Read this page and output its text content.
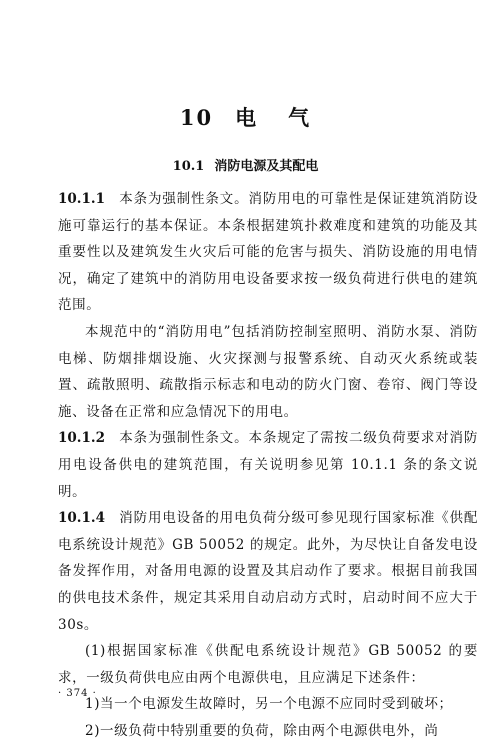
10 电 气
10.1 消防电源及其配电

10.1.1 本条为强制性条文。消防用电的可靠性是保证建筑消防设施可靠运行的基本保证。本条根据建筑扑救难度和建筑的功能及其重要性以及建筑发生火灾后可能的危害与损失、消防设施的用电情况，确定了建筑中的消防用电设备要求按一级负荷进行供电的建筑范围。

本规范中的“消防用电”包括消防控制室照明、消防水泵、消防电梯、防烟排烟设施、火灾探测与报警系统、自动灭火系统或装置、疏散照明、疏散指示标志和电动的防火门窗、卷帘、阀门等设施、设备在正常和应急情况下的用电。

10.1.2 本条为强制性条文。本条规定了需按二级负荷要求对消防用电设备供电的建筑范围，有关说明参见第 10.1.1 条的条文说明。

10.1.4 消防用电设备的用电负荷分级可参见现行国家标准《供配电系统设计规范》GB 50052 的规定。此外，为尽快让自备发电设备发挥作用，对备用电源的设置及其启动作了要求。根据目前我国的供电技术条件，规定其采用自动启动方式时，启动时间不应大于 30s。

(1)根据国家标准《供配电系统设计规范》GB 50052 的要求，一级负荷供电应由两个电源供电，且应满足下述条件：

1)当一个电源发生故障时，另一个电源不应同时受到破坏；

2)一级负荷中特别重要的负荷，除由两个电源供电外，尚

· 374 ·
